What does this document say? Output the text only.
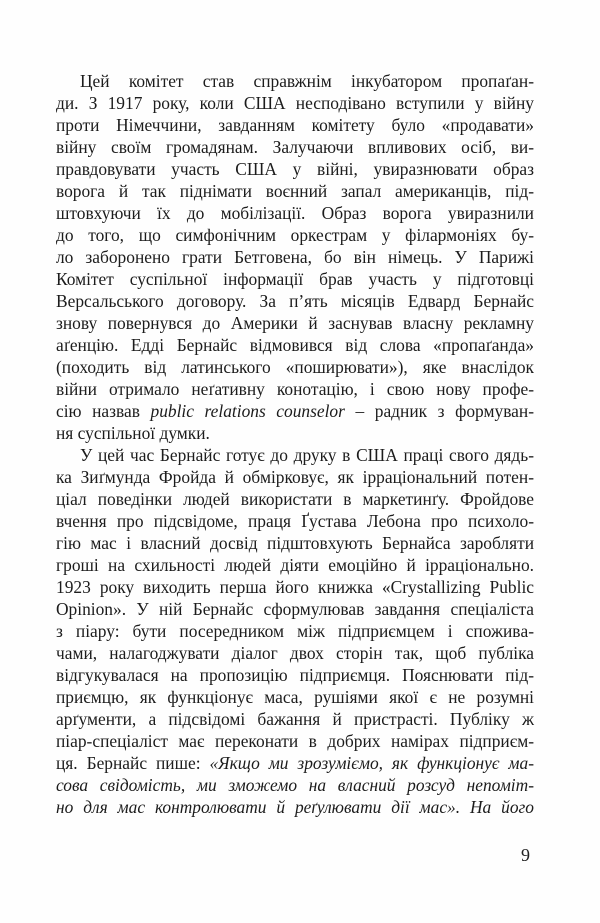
Цей комітет став справжнім інкубатором пропаґан-
ди. З 1917 року, коли США несподівано вступили у війну
проти Німеччини, завданням комітету було «продавати»
війну своїм громадянам. Залучаючи впливових осіб, ви-
правдовувати участь США у війні, увиразнювати образ
ворога й так піднімати воєнний запал американців, під-
штовхуючи їх до мобілізації. Образ ворога увиразнили
до того, що симфонічним оркестрам у філармоніях бу-
ло заборонено грати Бетговена, бо він німець. У Парижі
Комітет суспільної інформації брав участь у підготовці
Версальського договору. За п’ять місяців Едвард Бернайс
знову повернувся до Америки й заснував власну рекламну
аґенцію. Едді Бернайс відмовився від слова «пропаґанда»
(походить від латинського «поширювати»), яке внаслідок
війни отримало неґативну конотацію, і свою нову профе-
сію назвав public relations counselor – радник з формуван-
ня суспільної думки.
У цей час Бернайс готує до друку в США праці свого дядь-
ка Зиґмунда Фройда й обмірковує, як ірраціональний потен-
ціал поведінки людей використати в маркетинґу. Фройдове
вчення про підсвідоме, праця Ґустава Лебона про психоло-
гію мас і власний досвід підштовхують Бернайса заробляти
гроші на схильності людей діяти емоційно й ірраціонально.
1923 року виходить перша його книжка «Crystallizing Public
Opinion». У ній Бернайс сформулював завдання спеціаліста
з піару: бути посередником між підприємцем і споживa-
чами, налагоджувати діалог двох сторін так, щоб публіка
відгукувалася на пропозицію підприємця. Пояснювати під-
приємцю, як функціонує маса, рушіями якої є не розумні
арґументи, а підсвідомі бажання й пристрасті. Публіку ж
піар-спеціаліст має переконати в добрих намірах підприєм-
ця. Бернайс пише: «Якщо ми зрозуміємо, як функціонує ма-
сова свідомість, ми зможемо на власний розсуд непоміт-
но для мас контролювати й реґулювати дії мас». На його
9
